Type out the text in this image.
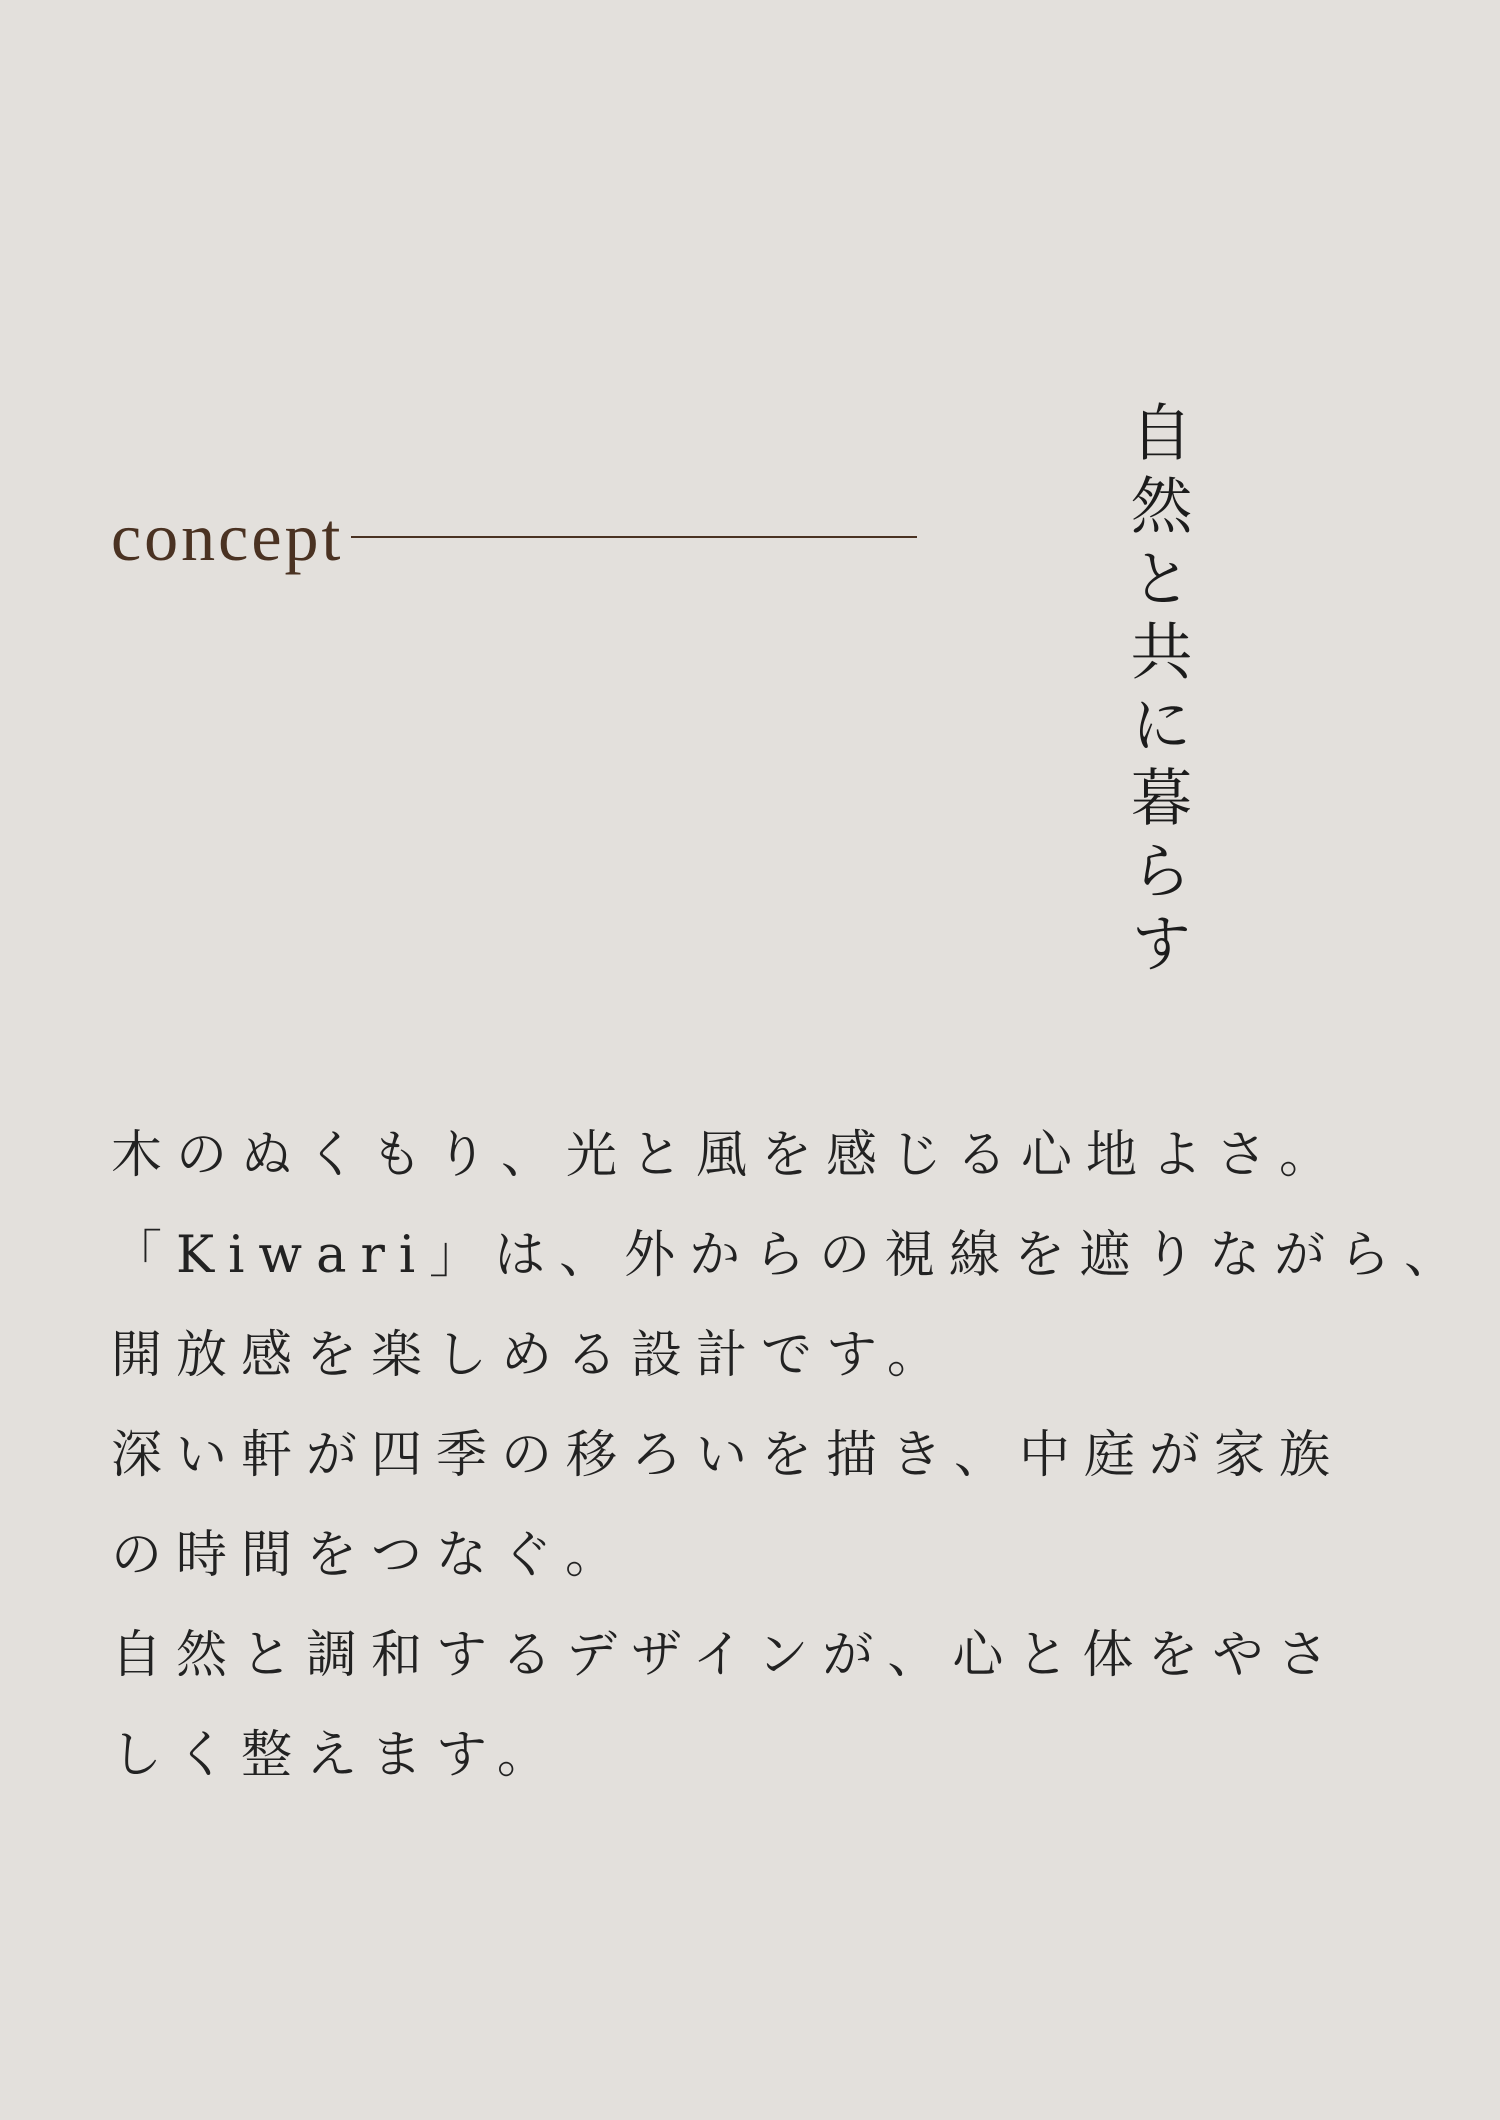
concept	自然と共に暮らす
木のぬくもり、光と風を感じる心地よさ。
「Kiwari」は、外からの視線を遮りながら、
開放感を楽しめる設計です。
深い軒が四季の移ろいを描き、中庭が家族
の時間をつなぐ。
自然と調和するデザインが、心と体をやさ
しく整えます。
